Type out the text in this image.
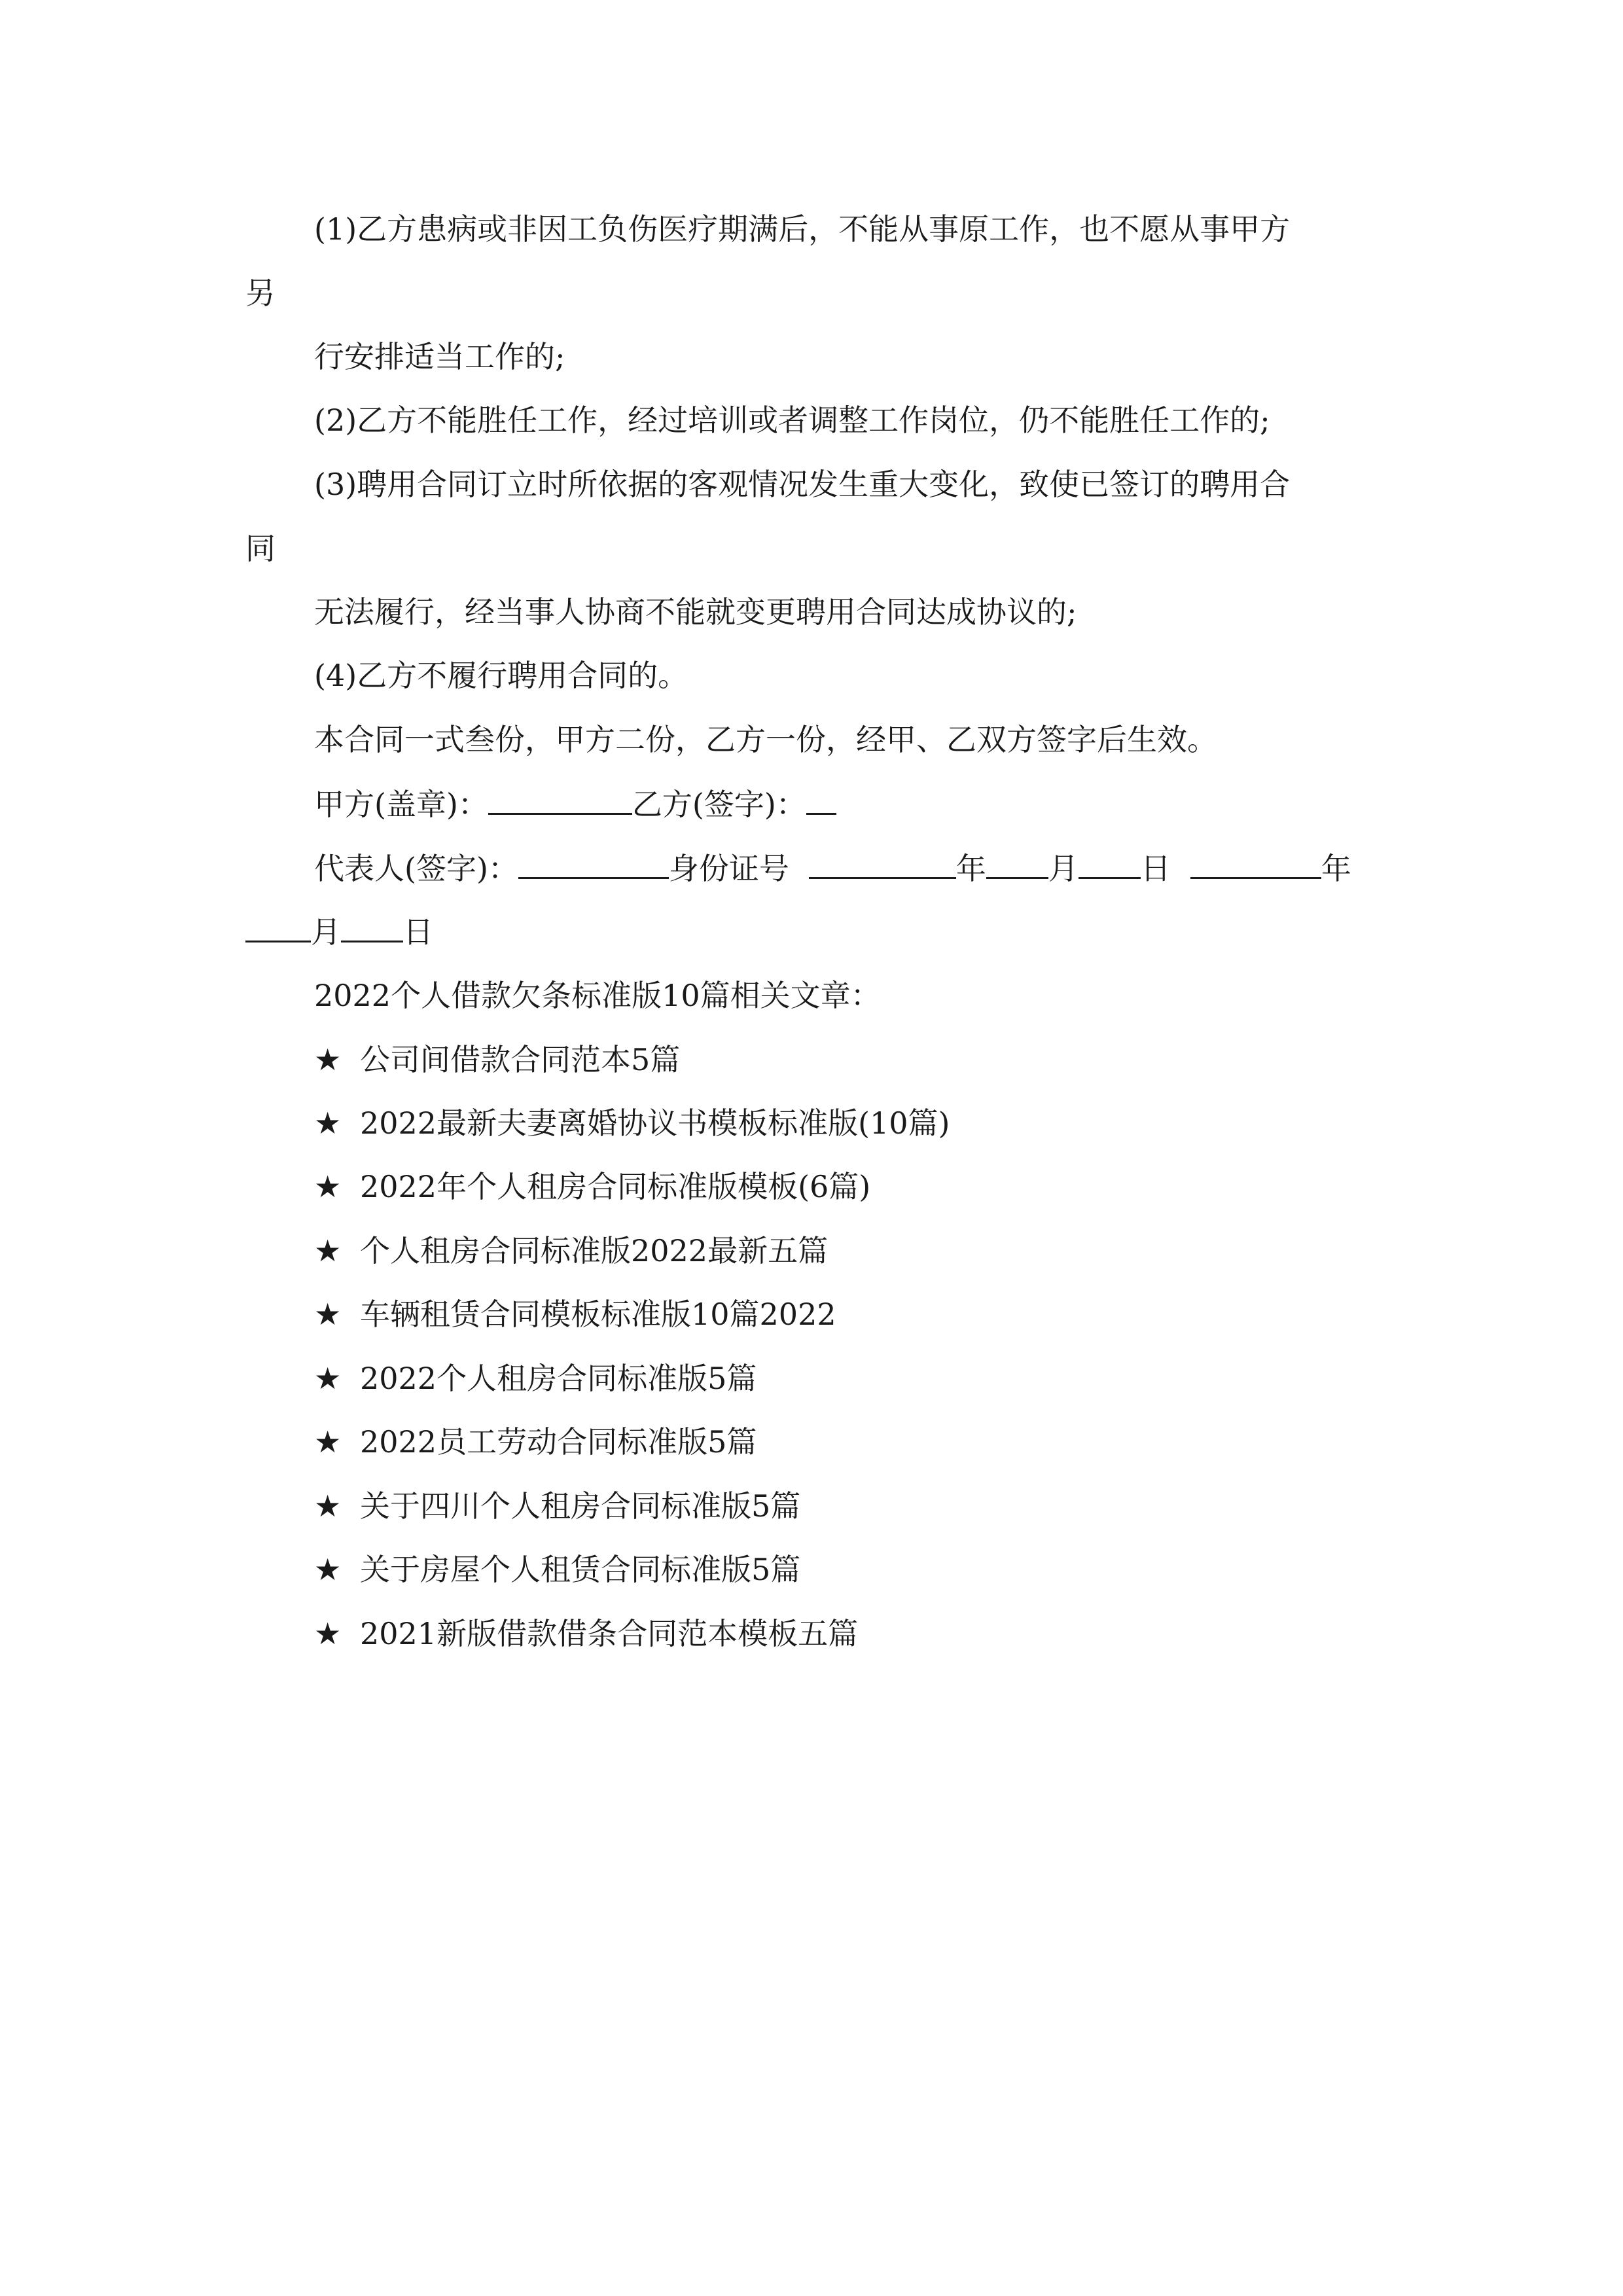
(1)乙方患病或非因工负伤医疗期满后，不能从事原工作，也不愿从事甲方
另
行安排适当工作的;
(2)乙方不能胜任工作，经过培训或者调整工作岗位，仍不能胜任工作的;
(3)聘用合同订立时所依据的客观情况发生重大变化，致使已签订的聘用合
同
无法履行，经当事人协商不能就变更聘用合同达成协议的;
(4)乙方不履行聘用合同的。
本合同一式叁份，甲方二份，乙方一份，经甲、乙双方签字后生效。
甲方(盖章)：	乙方(签字)：
代表人(签字)：	身份证号	年 月 日	年
月 日
2022个人借款欠条标准版10篇相关文章：
★ 公司间借款合同范本5篇
★ 2022最新夫妻离婚协议书模板标准版(10篇)
★ 2022年个人租房合同标准版模板(6篇)
★ 个人租房合同标准版2022最新五篇
★ 车辆租赁合同模板标准版10篇2022
★ 2022个人租房合同标准版5篇
★ 2022员工劳动合同标准版5篇
★ 关于四川个人租房合同标准版5篇
★ 关于房屋个人租赁合同标准版5篇
★ 2021新版借款借条合同范本模板五篇
